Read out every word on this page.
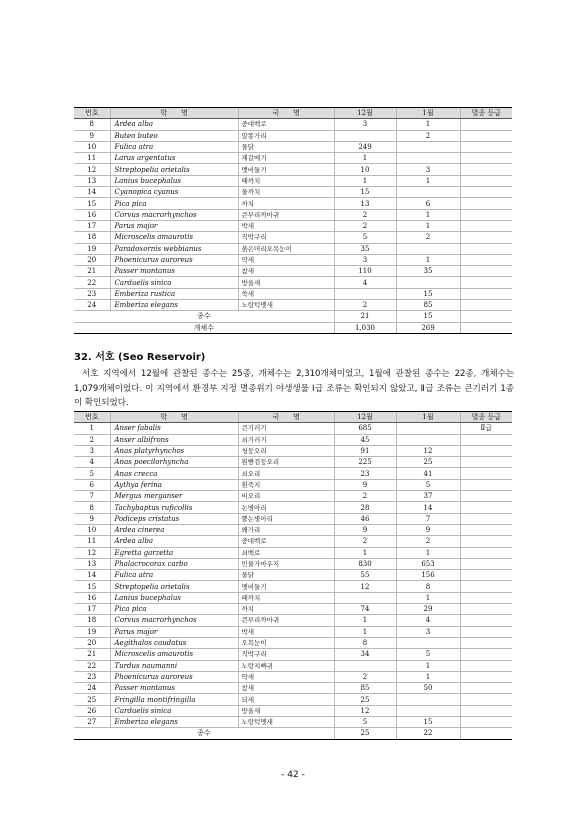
번호	학　　명	국　　명	12월	1월	멸종 등급
8	Ardea alba	중대백로	3	1	
9	Buteo buteo	말똥가리		2	
10	Fulica atra	물닭	249		
11	Larus argentatus	재갈매기	1		
12	Streptopelia orietalis	멧비둘기	10	3	
13	Lanius bucephalus	때까치	1	1	
14	Cyanopica cyanus	물까치	15		
15	Pica pica	까치	13	6	
16	Corvus macrorhynchos	큰부리까마귀	2	1	
17	Parus major	박새	2	1	
18	Microscelis amaurotis	직박구리	5	2	
19	Paradoxornis webbianus	붉은머리오목눈이	35		
20	Phoenicurus auroreus	딱새	3	1	
21	Passer montanus	참새	110	35	
22	Carduelis sinica	방울새	4		
23	Emberiza rustica	쑥새		15	
24	Emberiza elegans	노랑턱멧새	2	85	
종수			21	15	
개체수			1,030	269	
32. 서호 (Seo Reservoir)

서호 지역에서 12월에 관찰된 종수는 25종, 개체수는 2,310개체이었고, 1월에 관찰된 종수는 22종, 개체수는 1,079개체이었다. 이 지역에서 환경부 지정 멸종위기 야생생물 Ⅰ급 조류는 확인되지 않았고, Ⅱ급 조류는 큰기러기 1종이 확인되었다.

번호	학　　명	국　　명	12월	1월	멸종 등급
1	Anser fabalis	큰기러기	685		Ⅱ급
2	Anser albifrons	쇠기러기	45		
3	Anas platyrhynchos	청둥오리	91	12	
4	Anas poecilorhyncha	흰뺨검둥오리	225	25	
5	Anas crecca	쇠오리	23	41	
6	Aythya ferina	흰죽지	9	5	
7	Mergus merganser	비오리	2	37	
8	Tachybaptus ruficollis	논병아리	28	14	
9	Podiceps cristatus	뿔논병아리	46	7	
10	Ardea cinerea	왜가리	9	9	
11	Ardea alba	중대백로	2	2	
12	Egretta garzetta	쇠백로	1	1	
13	Phalacrocorax carbo	민물가마우지	830	653	
14	Fulica atra	물닭	55	156	
15	Streptopelia orietalis	멧비둘기	12	8	
16	Lanius bucephalus	때까치		1	
17	Pica pica	까치	74	29	
18	Corvus macrorhynchos	큰부리까마귀	1	4	
19	Parus major	박새	1	3	
20	Aegithalos caudatus	오목눈이	8		
21	Microscelis amaurotis	직박구리	34	5	
22	Turdus naumanni	노랑지빠귀		1	
23	Phoenicurus auroreus	딱새	2	1	
24	Passer montanus	참새	85	50	
25	Fringilla montifringilla	되새	25		
26	Carduelis sinica	방울새	12		
27	Emberiza elegans	노랑턱멧새	5	15	
종수			25	22	
- 42 -
